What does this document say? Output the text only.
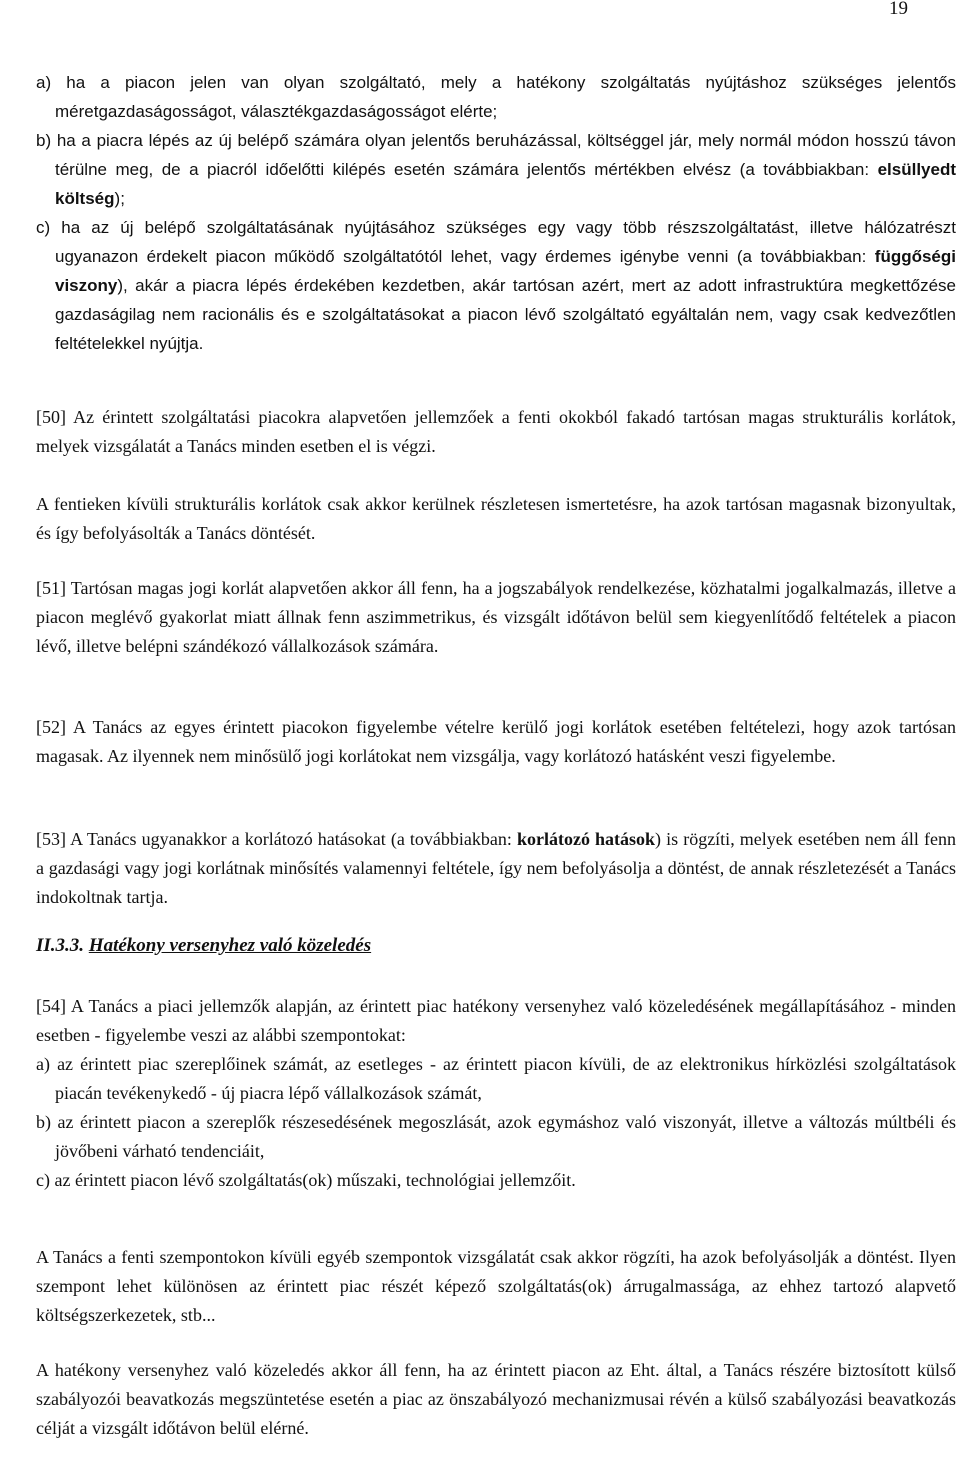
19
a) ha a piacon jelen van olyan szolgáltató, mely a hatékony szolgáltatás nyújtáshoz szükséges jelentős méretgazdaságosságot, választékgazdaságosságot elérte;
b) ha a piacra lépés az új belépő számára olyan jelentős beruházással, költséggel jár, mely normál módon hosszú távon térülne meg, de a piacról időelőtti kilépés esetén számára jelentős mértékben elvész (a továbbiakban: elsüllyedt költség);
c) ha az új belépő szolgáltatásának nyújtásához szükséges egy vagy több részszolgáltatást, illetve hálózatrészt ugyanazon érdekelt piacon működő szolgáltatótól lehet, vagy érdemes igénybe venni (a továbbiakban: függőségi viszony), akár a piacra lépés érdekében kezdetben, akár tartósan azért, mert az adott infrastruktúra megkettőzése gazdaságilag nem racionális és e szolgáltatásokat a piacon lévő szolgáltató egyáltalán nem, vagy csak kedvezőtlen feltételekkel nyújtja.
[50] Az érintett szolgáltatási piacokra alapvetően jellemzőek a fenti okokból fakadó tartósan magas strukturális korlátok, melyek vizsgálatát a Tanács minden esetben el is végzi.
A fentieken kívüli strukturális korlátok csak akkor kerülnek részletesen ismertetésre, ha azok tartósan magasnak bizonyultak, és így befolyásolták a Tanács döntését.
[51] Tartósan magas jogi korlát alapvetően akkor áll fenn, ha a jogszabályok rendelkezése, közhatalmi jogalkalmazás, illetve a piacon meglévő gyakorlat miatt állnak fenn aszimmetrikus, és vizsgált időtávon belül sem kiegyenlítődő feltételek a piacon lévő, illetve belépni szándékozó vállalkozások számára.
[52] A Tanács az egyes érintett piacokon figyelembe vételre kerülő jogi korlátok esetében feltételezi, hogy azok tartósan magasak. Az ilyennek nem minősülő jogi korlátokat nem vizsgálja, vagy korlátozó hatásként veszi figyelembe.
[53] A Tanács ugyanakkor a korlátozó hatásokat (a továbbiakban: korlátozó hatások) is rögzíti, melyek esetében nem áll fenn a gazdasági vagy jogi korlátnak minősítés valamennyi feltétele, így nem befolyásolja a döntést, de annak részletezését a Tanács indokoltnak tartja.
II.3.3. Hatékony versenyhez való közeledés
[54] A Tanács a piaci jellemzők alapján, az érintett piac hatékony versenyhez való közeledésének megállapításához - minden esetben - figyelembe veszi az alábbi szempontokat:
a) az érintett piac szereplőinek számát, az esetleges - az érintett piacon kívüli, de az elektronikus hírközlési szolgáltatások piacán tevékenykedő - új piacra lépő vállalkozások számát,
b) az érintett piacon a szereplők részesedésének megoszlását, azok egymáshoz való viszonyát, illetve a változás múltbéli és jövőbeni várható tendenciáit,
c) az érintett piacon lévő szolgáltatás(ok) műszaki, technológiai jellemzőit.
A Tanács a fenti szempontokon kívüli egyéb szempontok vizsgálatát csak akkor rögzíti, ha azok befolyásolják a döntést. Ilyen szempont lehet különösen az érintett piac részét képező szolgáltatás(ok) árrugalmassága, az ehhez tartozó alapvető költségszerkezetek, stb...
A hatékony versenyhez való közeledés akkor áll fenn, ha az érintett piacon az Eht. által, a Tanács részére biztosított külső szabályozói beavatkozás megszüntetése esetén a piac az önszabályozó mechanizmusai révén a külső szabályozási beavatkozás célját a vizsgált időtávon belül elérné.
